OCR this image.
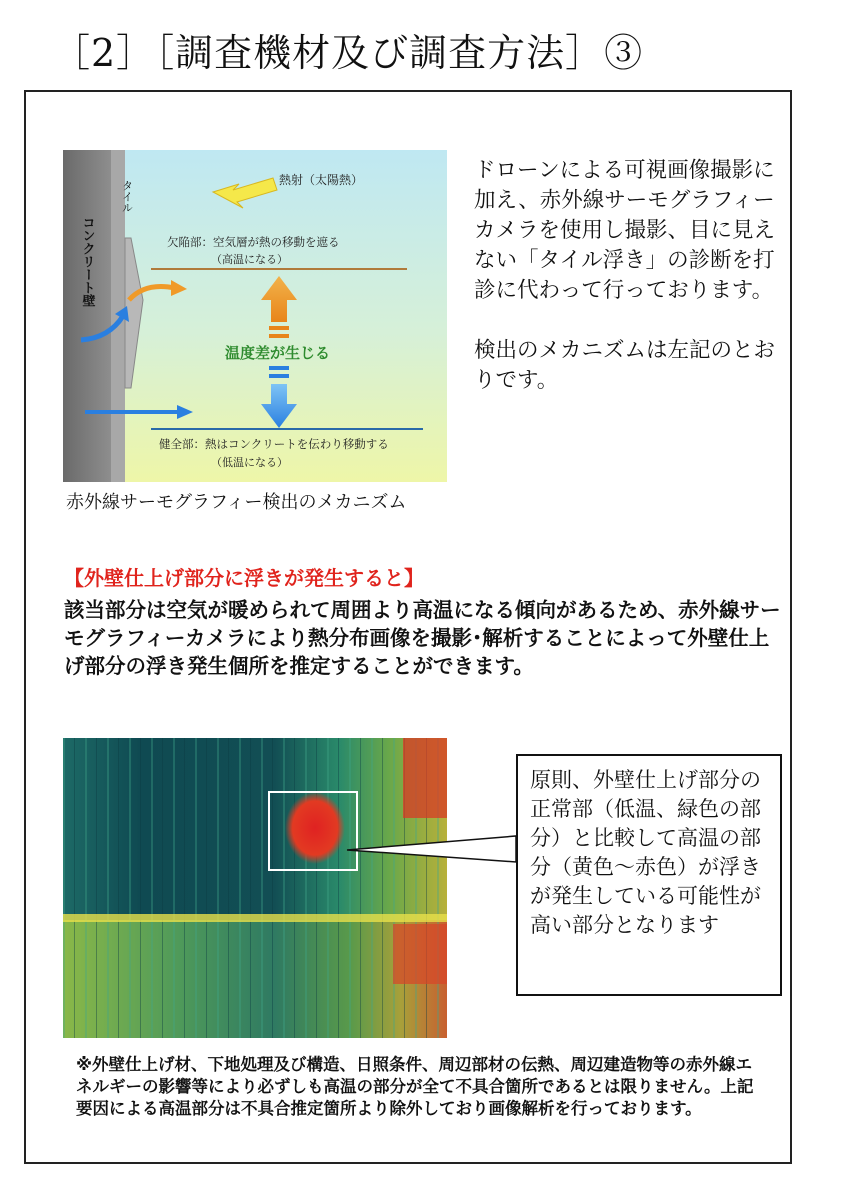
［2］［調査機材及び調査方法］③
コンクリート壁
タイル	熱射（太陽熱）
欠陥部：空気層が熱の移動を遮る
（高温になる）
温度差が生じる
健全部：熱はコンクリートを伝わり移動する
（低温になる）
赤外線サーモグラフィー検出のメカニズム

ドローンによる可視画像撮影に加え、赤外線サーモグラフィーカメラを使用し撮影、目に見えない「タイル浮き」の診断を打診に代わって行っております。

検出のメカニズムは左記のとおりです。

【外壁仕上げ部分に浮きが発生すると】
該当部分は空気が暖められて周囲より高温になる傾向があるため、赤外線サーモグラフィーカメラにより熱分布画像を撮影･解析することによって外壁仕上げ部分の浮き発生個所を推定することができます。
原則、外壁仕上げ部分の正常部（低温、緑色の部分）と比較して高温の部分（黄色～赤色）が浮きが発生している可能性が高い部分となります
※外壁仕上げ材、下地処理及び構造、日照条件、周辺部材の伝熱、周辺建造物等の赤外線エネルギーの影響等により必ずしも高温の部分が全て不具合箇所であるとは限りません。上記要因による高温部分は不具合推定箇所より除外しており画像解析を行っております。
